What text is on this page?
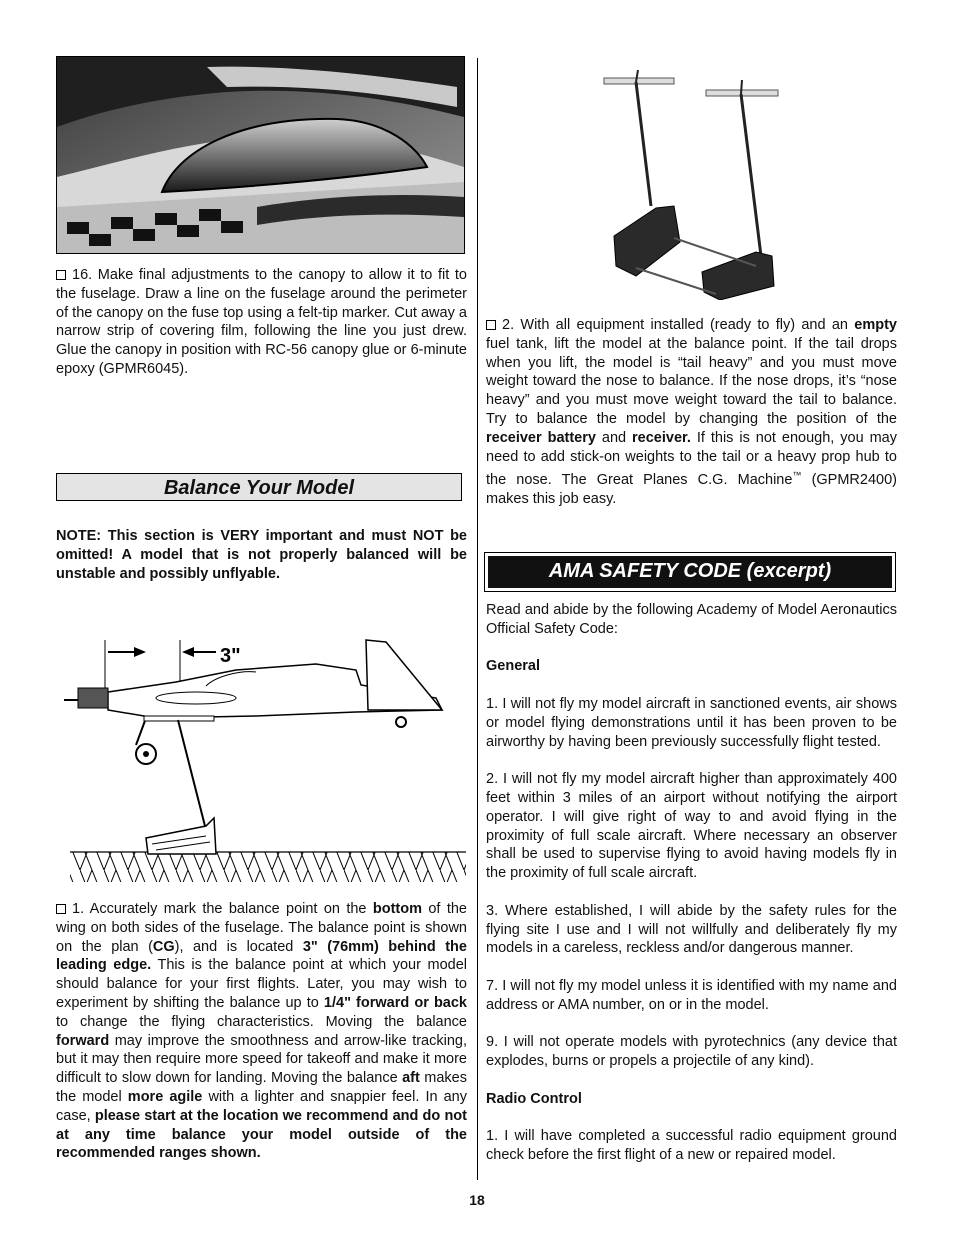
16. Make final adjustments to the canopy to allow it to fit to the fuselage. Draw a line on the fuselage around the perimeter of the canopy on the fuse top using a felt-tip marker. Cut away a narrow strip of covering film, following the line you just drew. Glue the canopy in position with RC-56 canopy glue or 6-minute epoxy (GPMR6045).

Balance Your Model

NOTE: This section is VERY important and must NOT be omitted! A model that is not properly balanced will be unstable and possibly unflyable.

3"

1. Accurately mark the balance point on the bottom of the wing on both sides of the fuselage. The balance point is shown on the plan (CG), and is located 3" (76mm) behind the leading edge. This is the balance point at which your model should balance for your first flights. Later, you may wish to experiment by shifting the balance up to 1/4" forward or back to change the flying characteristics. Moving the balance forward may improve the smoothness and arrow-like tracking, but it may then require more speed for takeoff and make it more difficult to slow down for landing. Moving the balance aft makes the model more agile with a lighter and snappier feel. In any case, please start at the location we recommend and do not at any time balance your model outside of the recommended ranges shown.

2. With all equipment installed (ready to fly) and an empty fuel tank, lift the model at the balance point. If the tail drops when you lift, the model is “tail heavy” and you must move weight toward the nose to balance. If the nose drops, it’s “nose heavy” and you must move weight toward the tail to balance. Try to balance the model by changing the position of the receiver battery and receiver. If this is not enough, you may need to add stick-on weights to the tail or a heavy prop hub to the nose. The Great Planes C.G. Machine™ (GPMR2400) makes this job easy.

AMA SAFETY CODE (excerpt)

Read and abide by the following Academy of Model Aeronautics Official Safety Code:

General

1. I will not fly my model aircraft in sanctioned events, air shows or model flying demonstrations until it has been proven to be airworthy by having been previously successfully flight tested.

2. I will not fly my model aircraft higher than approximately 400 feet within 3 miles of an airport without notifying the airport operator. I will give right of way to and avoid flying in the proximity of full scale aircraft. Where necessary an observer shall be used to supervise flying to avoid having models fly in the proximity of full scale aircraft.

3. Where established, I will abide by the safety rules for the flying site I use and I will not willfully and deliberately fly my models in a careless, reckless and/or dangerous manner.

7. I will not fly my model unless it is identified with my name and address or AMA number, on or in the model.

9. I will not operate models with pyrotechnics (any device that explodes, burns or propels a projectile of any kind).

Radio Control

1. I will have completed a successful radio equipment ground check before the first flight of a new or repaired model.

18
